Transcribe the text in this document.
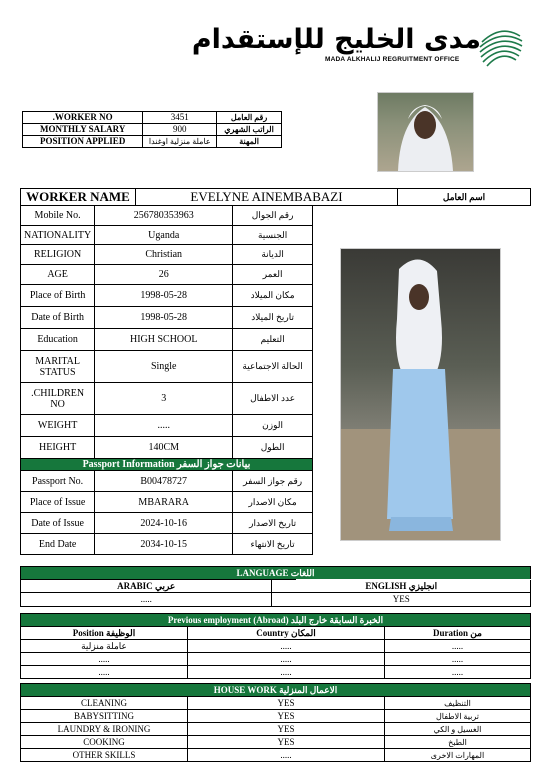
مدى الخليج للإستقدام
MADA ALKHALIJ REGRUITMENT OFFICE
.WORKER NO	3451	رقم العامل
MONTHLY SALARY	900	الراتب الشهري
POSITION APPLIED	عاملة منزلية اوغندا	المهنة
WORKER NAME	EVELYNE AINEMBABAZI	اسم العامل
Mobile No.	256780353963	رقم الجوال
NATIONALITY	Uganda	الجنسية
RELIGION	Christian	الديانة
AGE	26	العمر
Place of Birth	1998-05-28	مكان الميلاد
Date of Birth	1998-05-28	تاريخ الميلاد
Education	HIGH SCHOOL	التعليم
MARITAL STATUS	Single	الحالة الاجتماعية
.CHILDREN NO	3	عدد الاطفال
WEIGHT	.....	الوزن
HEIGHT	140CM	الطول
Passport Information بيانات جواز السفر		
Passport No.	B00478727	رقم جواز السفر
Place of Issue	MBARARA	مكان الاصدار
Date of Issue	2024-10-16	تاريخ الاصدار
End Date	2034-10-15	تاريخ الانتهاء
LANGUAGE اللغات	
ARABIC عربي	ENGLISH انجليزي
.....	YES
Previous employment (Abroad) الخبرة السابقة خارج البلد		
Position الوظيفة	Country المكان	Duration من
عاملة منزلية	.....	.....
.....	.....	.....
.....	.....	.....
HOUSE WORK الاعمال المنزلية		
CLEANING	YES	التنظيف
BABYSITTING	YES	تربية الاطفال
LAUNDRY & IRONING	YES	الغسيل و الكي
COOKING	YES	الطبخ
OTHER SKILLS	.....	المهارات الاخرى
